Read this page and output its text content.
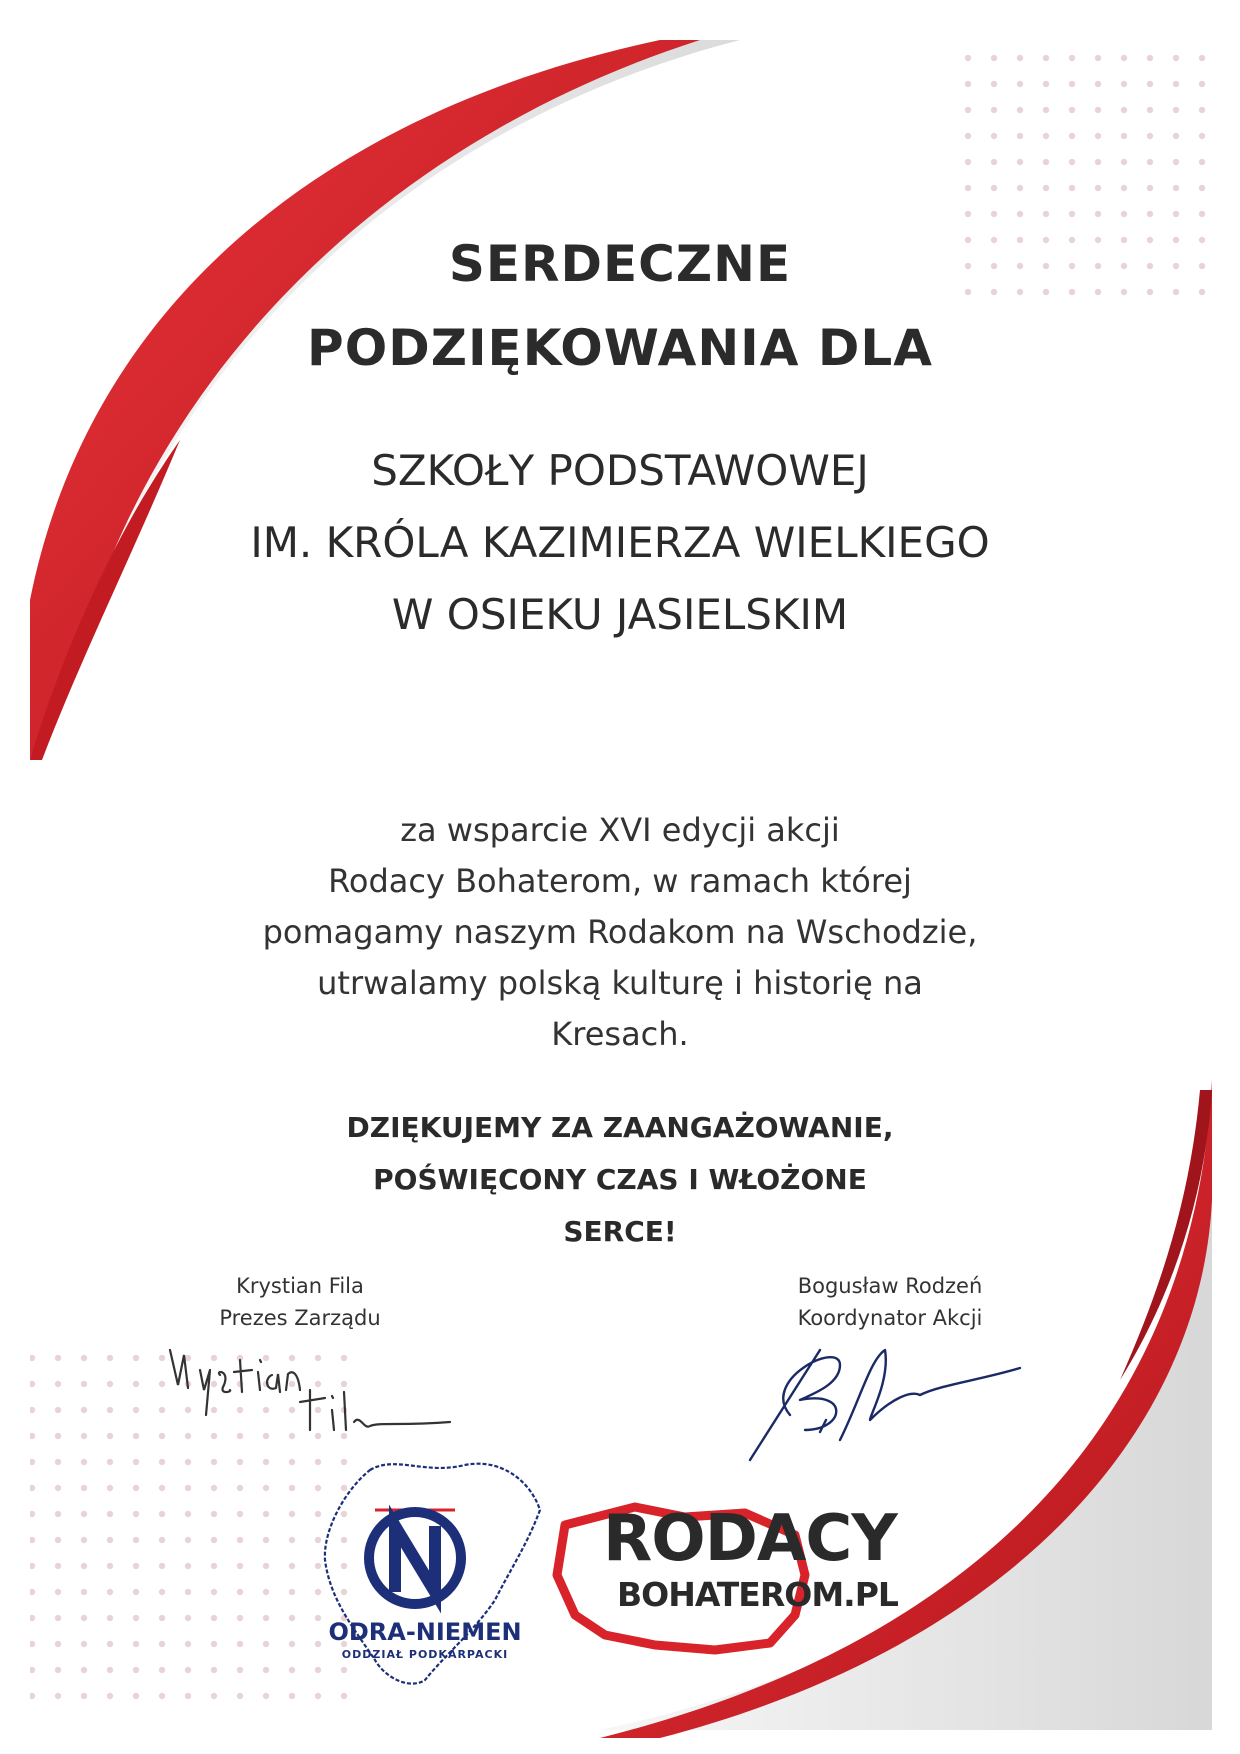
SERDECZNE
PODZIĘKOWANIA DLA
SZKOŁY PODSTAWOWEJ
IM. KRÓLA KAZIMIERZA WIELKIEGO
W OSIEKU JASIELSKIM
za wsparcie XVI edycji akcji
Rodacy Bohaterom, w ramach której
pomagamy naszym Rodakom na Wschodzie,
utrwalamy polską kulturę i historię na
Kresach.
DZIĘKUJEMY ZA ZAANGAŻOWANIE,
POŚWIĘCONY CZAS I WŁOŻONE
SERCE!
Krystian Fila
Prezes Zarządu
Bogusław Rodzeń
Koordynator Akcji
ODRA-NIEMEN
ODDZIAŁ PODKARPACKI
RODACY
BOHATEROM.PL
